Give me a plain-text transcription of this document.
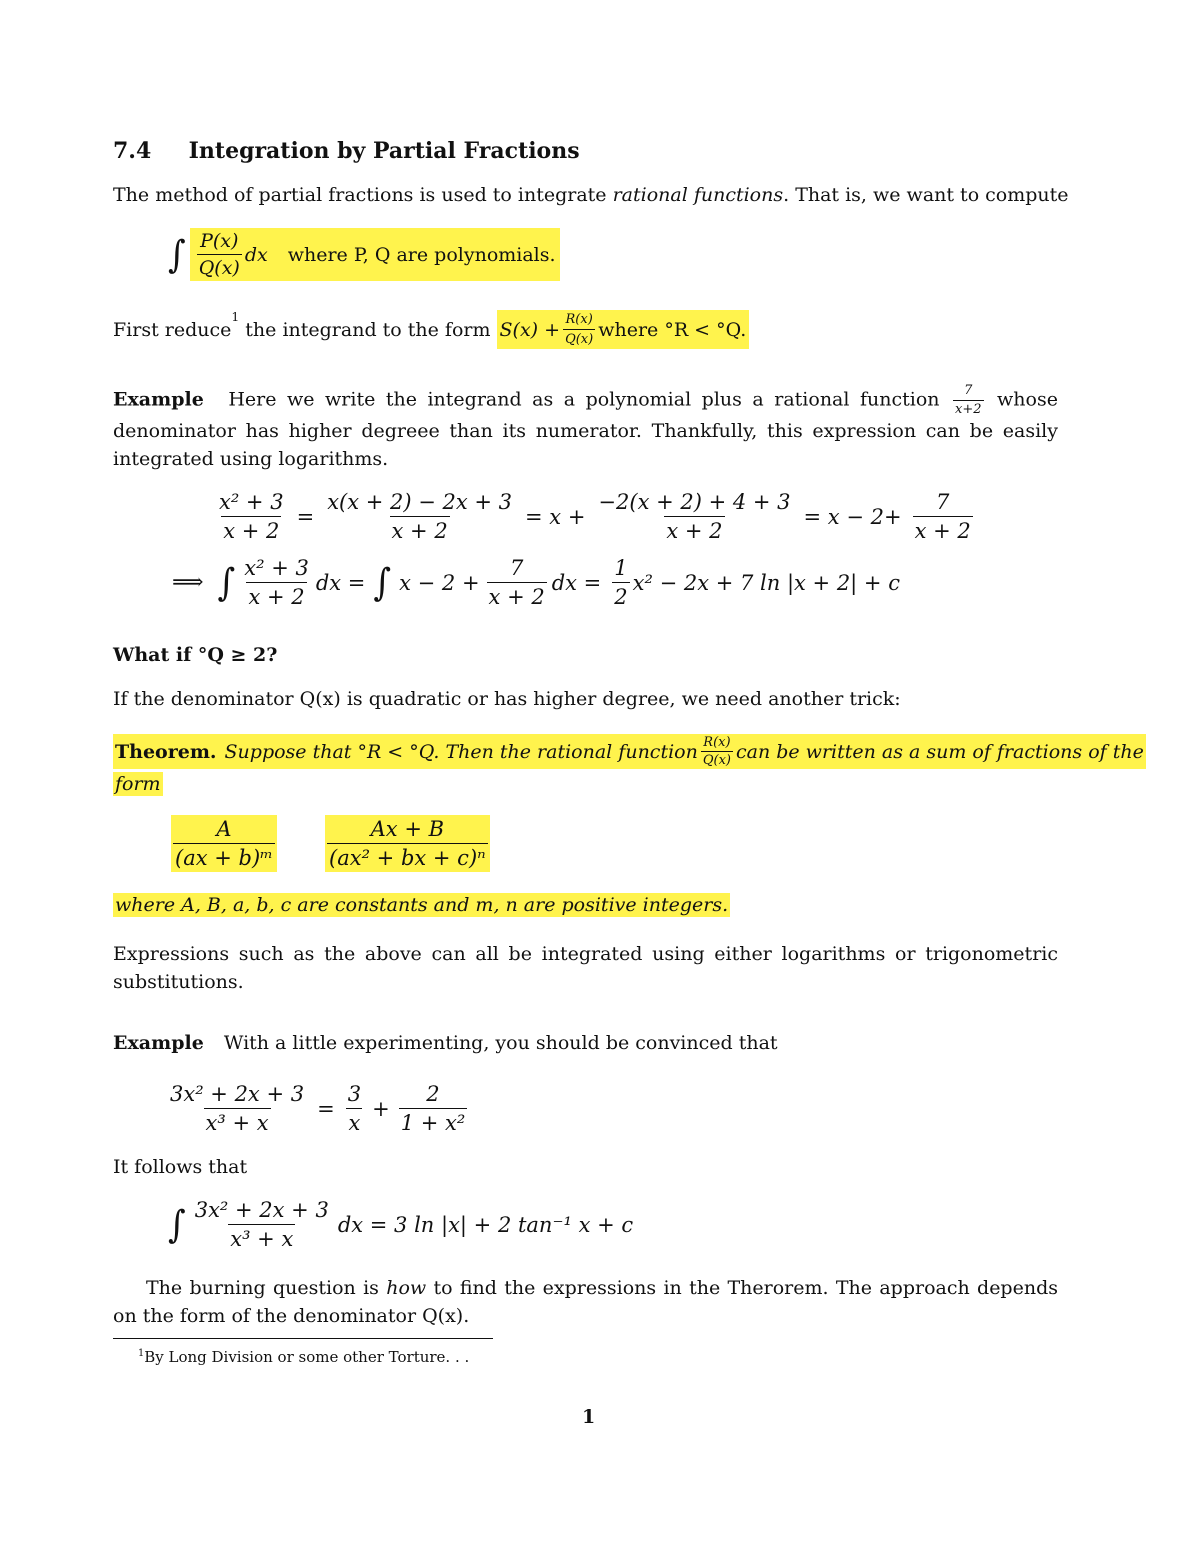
7.4 Integration by Partial Fractions
The method of partial fractions is used to integrate rational functions. That is, we want to compute
∫ $\frac{P(x)}{Q(x)}$ dx where P, Q are polynomials.
First reduce
1
the integrand to the form $S(x) + \frac{R(x)}{Q(x)}$ where °R < °Q.
Example Here we write the integrand as a polynomial plus a rational function $\frac{7}{x+2}$ whose denominator has higher degreee than its numerator. Thankfully, this expression can be easily integrated using logarithms.
$\frac{\text{x² + 3}}{x + 2} = \frac{x(x + 2) - 2x + 3}{x + 2} = x + \frac{-2(x + 2) + 4 + 3}{x + 2} = x - 2+ \frac{7}{x + 2}$
⟹ ∫ $\frac{\text{x² + 3}}{x + 2}$ dx = ∫ $x - 2 + \frac{7}{x + 2}$ dx = $\frac{1}{2} x^2 - 2x + 7$ ln |x + 2| + c
What if °Q ≥ 2?
If the denominator Q(x) is quadratic or has higher degree, we need another trick:
Theorem. Suppose that °R < °Q. Then the rational function $\frac{R(x)}{Q(x)}$ can be written as a sum of fractions of the
form
$\frac{A}{\text{(ax + b)ᵐ}} \frac{Ax + B}{\text{(ax² + bx + c)ⁿ}}$
where A, B, a, b, c are constants and m, n are positive integers.
Expressions such as the above can all be integrated using either logarithms or trigonometric substitutions.
Example With a little experimenting, you should be convinced that
$\frac{\text{3x² + 2x + 3}}{\text{x³ + x}} = \frac{3}{x} + \frac{2}{\text{1 + x²}}$
It follows that
∫ $\frac{\text{3x² + 2x + 3}}{\text{x³ + x}}$ dx = 3 ln |x| + 2 tan⁻¹ x + c
The burning question is how to find the expressions in the Therorem. The approach depends on the form of the denominator Q(x).
$^1$By Long Division or some other Torture. . .
1
